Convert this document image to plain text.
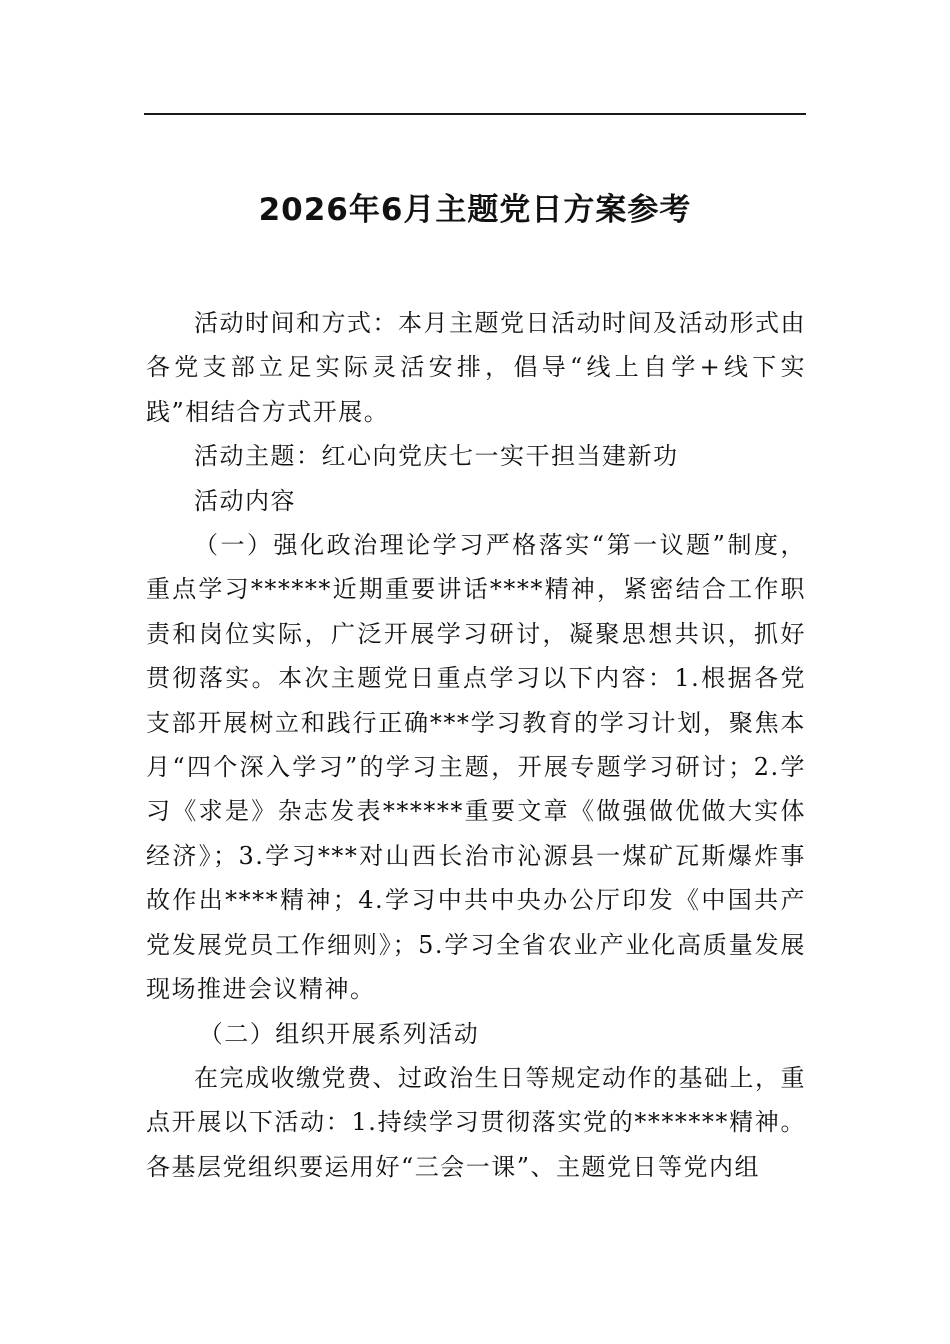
2026年6月主题党日方案参考

活动时间和方式：本月主题党日活动时间及活动形式由各党支部立足实际灵活安排，倡导“线上自学+线下实践”相结合方式开展。

活动主题：红心向党庆七一实干担当建新功

活动内容

（一）强化政治理论学习严格落实“第一议题”制度，重点学习******近期重要讲话****精神，紧密结合工作职责和岗位实际，广泛开展学习研讨，凝聚思想共识，抓好贯彻落实。本次主题党日重点学习以下内容：1.根据各党支部开展树立和践行正确***学习教育的学习计划，聚焦本月“四个深入学习”的学习主题，开展专题学习研讨；2.学习《求是》杂志发表******重要文章《做强做优做大实体经济》；3.学习***对山西长治市沁源县一煤矿瓦斯爆炸事故作出****精神；4.学习中共中央办公厅印发《中国共产党发展党员工作细则》；5.学习全省农业产业化高质量发展现场推进会议精神。

（二）组织开展系列活动

在完成收缴党费、过政治生日等规定动作的基础上，重点开展以下活动：1.持续学习贯彻落实党的*******精神。各基层党组织要运用好“三会一课”、主题党日等党内组
